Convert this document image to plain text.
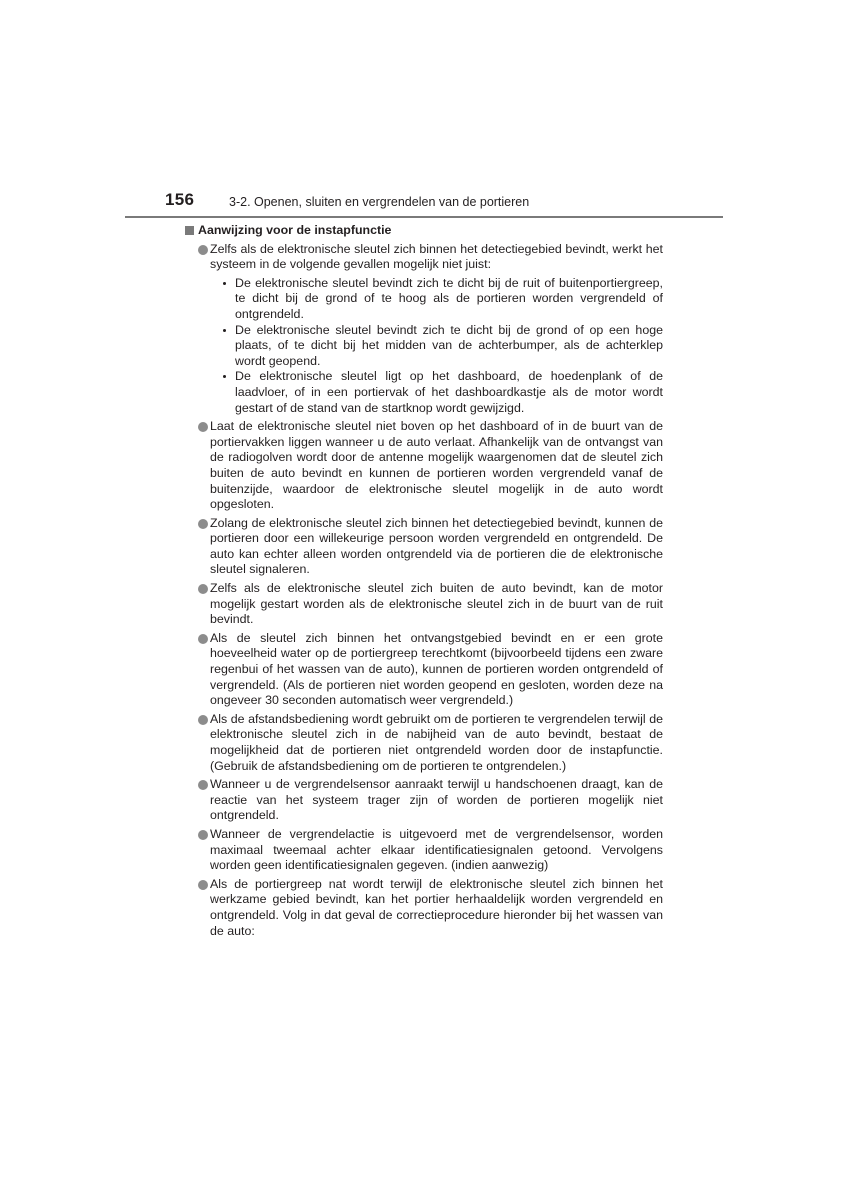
156	3-2. Openen, sluiten en vergrendelen van de portieren
Aanwijzing voor de instapfunctie
Zelfs als de elektronische sleutel zich binnen het detectiegebied bevindt, werkt het systeem in de volgende gevallen mogelijk niet juist:
De elektronische sleutel bevindt zich te dicht bij de ruit of buitenportiergreep, te dicht bij de grond of te hoog als de portieren worden vergrendeld of ontgrendeld.
De elektronische sleutel bevindt zich te dicht bij de grond of op een hoge plaats, of te dicht bij het midden van de achterbumper, als de achterklep wordt geopend.
De elektronische sleutel ligt op het dashboard, de hoedenplank of de laadvloer, of in een portiervak of het dashboardkastje als de motor wordt gestart of de stand van de startknop wordt gewijzigd.
Laat de elektronische sleutel niet boven op het dashboard of in de buurt van de portiervakken liggen wanneer u de auto verlaat. Afhankelijk van de ontvangst van de radiogolven wordt door de antenne mogelijk waargenomen dat de sleutel zich buiten de auto bevindt en kunnen de portieren worden vergrendeld vanaf de buitenzijde, waardoor de elektronische sleutel mogelijk in de auto wordt opgesloten.
Zolang de elektronische sleutel zich binnen het detectiegebied bevindt, kunnen de portieren door een willekeurige persoon worden vergrendeld en ontgrendeld. De auto kan echter alleen worden ontgrendeld via de portieren die de elektronische sleutel signaleren.
Zelfs als de elektronische sleutel zich buiten de auto bevindt, kan de motor mogelijk gestart worden als de elektronische sleutel zich in de buurt van de ruit bevindt.
Als de sleutel zich binnen het ontvangstgebied bevindt en er een grote hoeveelheid water op de portiergreep terechtkomt (bijvoorbeeld tijdens een zware regenbui of het wassen van de auto), kunnen de portieren worden ontgrendeld of vergrendeld. (Als de portieren niet worden geopend en gesloten, worden deze na ongeveer 30 seconden automatisch weer vergrendeld.)
Als de afstandsbediening wordt gebruikt om de portieren te vergrendelen terwijl de elektronische sleutel zich in de nabijheid van de auto bevindt, bestaat de mogelijkheid dat de portieren niet ontgrendeld worden door de instapfunctie. (Gebruik de afstandsbediening om de portieren te ontgrendelen.)
Wanneer u de vergrendelsensor aanraakt terwijl u handschoenen draagt, kan de reactie van het systeem trager zijn of worden de portieren mogelijk niet ontgrendeld.
Wanneer de vergrendelactie is uitgevoerd met de vergrendelsensor, worden maximaal tweemaal achter elkaar identificatiesignalen getoond. Vervolgens worden geen identificatiesignalen gegeven. (indien aanwezig)
Als de portiergreep nat wordt terwijl de elektronische sleutel zich binnen het werkzame gebied bevindt, kan het portier herhaaldelijk worden vergrendeld en ontgrendeld. Volg in dat geval de correctieprocedure hieronder bij het wassen van de auto:
